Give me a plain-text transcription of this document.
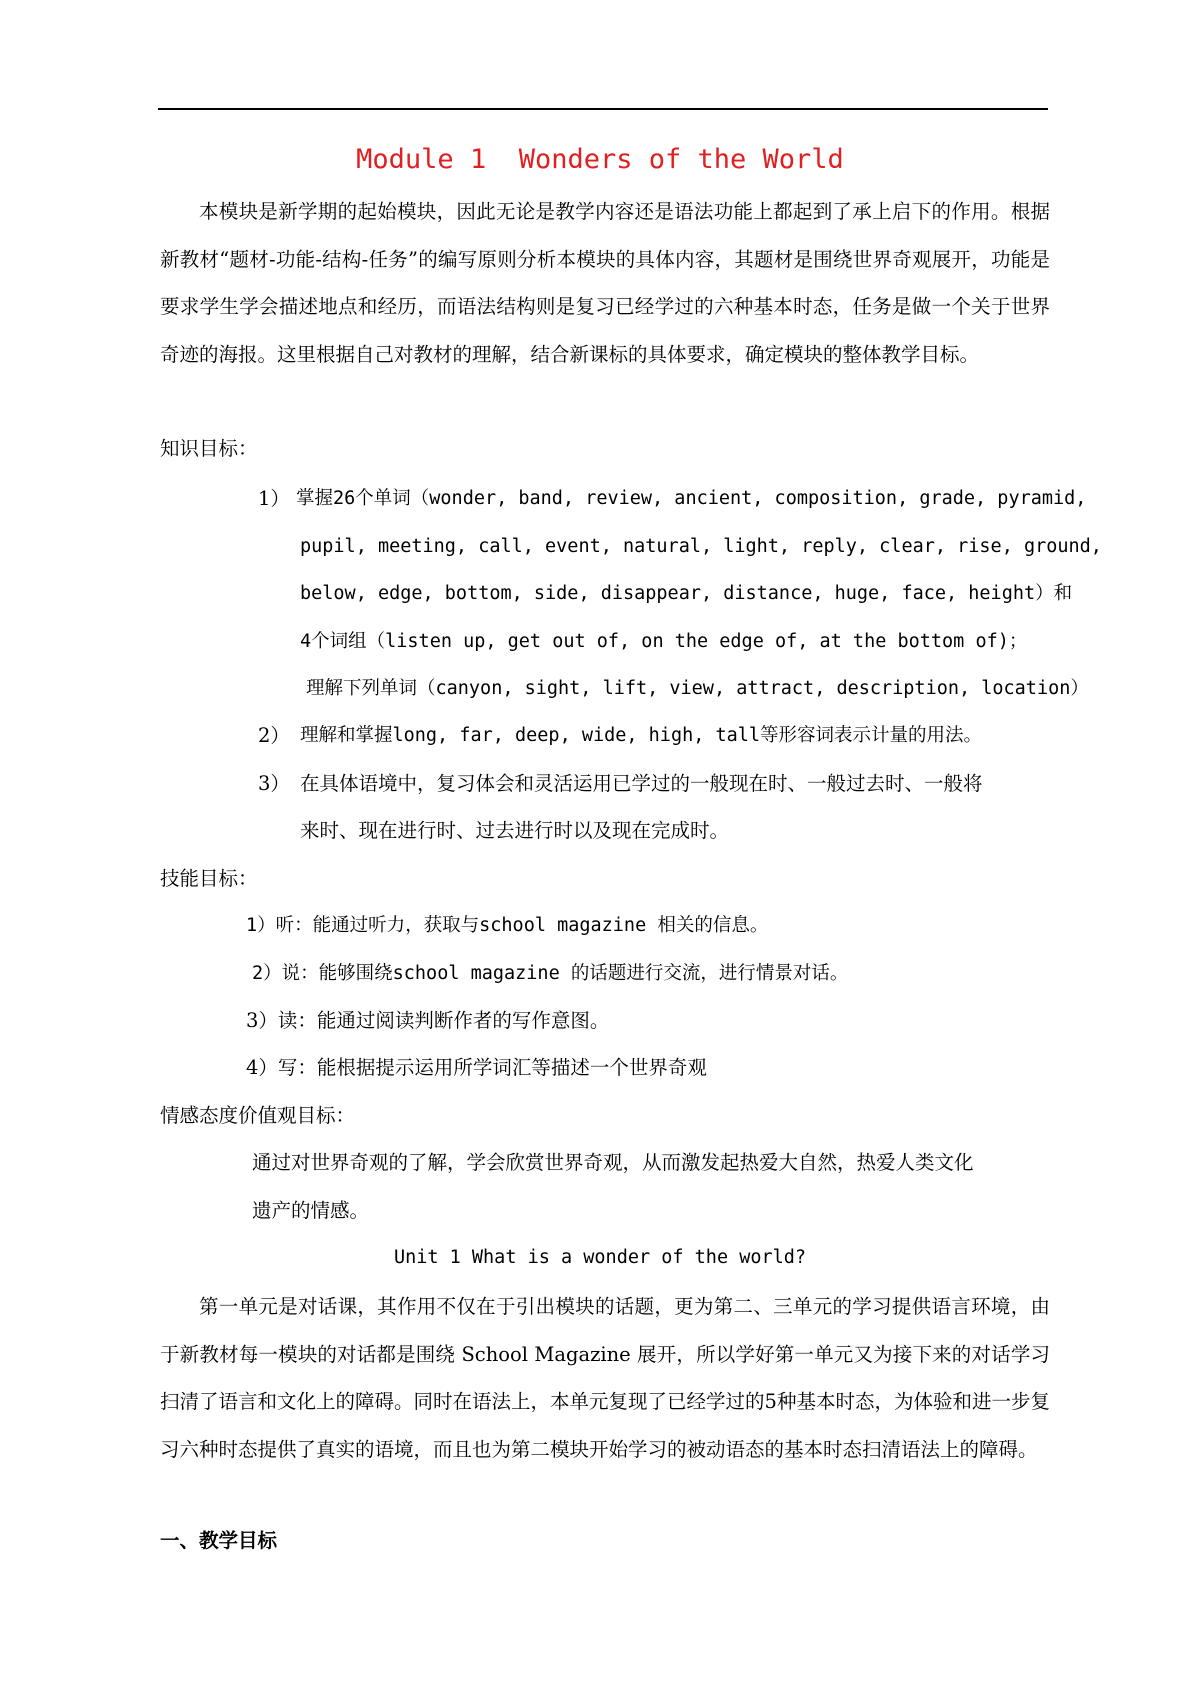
Module 1  Wonders of the World
本模块是新学期的起始模块，因此无论是教学内容还是语法功能上都起到了承上启下的作用。根据新教材“题材-功能-结构-任务”的编写原则分析本模块的具体内容，其题材是围绕世界奇观展开，功能是要求学生学会描述地点和经历，而语法结构则是复习已经学过的六种基本时态，任务是做一个关于世界奇迹的海报。这里根据自己对教材的理解，结合新课标的具体要求，确定模块的整体教学目标。
知识目标：
1） 掌握26个单词（wonder, band, review, ancient, composition, grade, pyramid,
pupil, meeting, call, event, natural, light, reply, clear, rise, ground,
below, edge, bottom, side, disappear, distance, huge, face, height）和
4个词组（listen up, get out of, on the edge of, at the bottom of)；
理解下列单词（canyon, sight, lift, view, attract, description, location）
2） 理解和掌握long, far, deep, wide, high, tall等形容词表示计量的用法。
3） 在具体语境中，复习体会和灵活运用已学过的一般现在时、一般过去时、一般将
来时、现在进行时、过去进行时以及现在完成时。
技能目标：
1）听：能通过听力，获取与school magazine 相关的信息。
2）说：能够围绕school magazine 的话题进行交流，进行情景对话。
3）读：能通过阅读判断作者的写作意图。
4）写：能根据提示运用所学词汇等描述一个世界奇观
情感态度价值观目标：
通过对世界奇观的了解，学会欣赏世界奇观，从而激发起热爱大自然，热爱人类文化
遗产的情感。
Unit 1 What is a wonder of the world?
第一单元是对话课，其作用不仅在于引出模块的话题，更为第二、三单元的学习提供语言环境，由于新教材每一模块的对话都是围绕 School Magazine 展开，所以学好第一单元又为接下来的对话学习扫清了语言和文化上的障碍。同时在语法上，本单元复现了已经学过的5种基本时态，为体验和进一步复习六种时态提供了真实的语境，而且也为第二模块开始学习的被动语态的基本时态扫清语法上的障碍。
一、教学目标
